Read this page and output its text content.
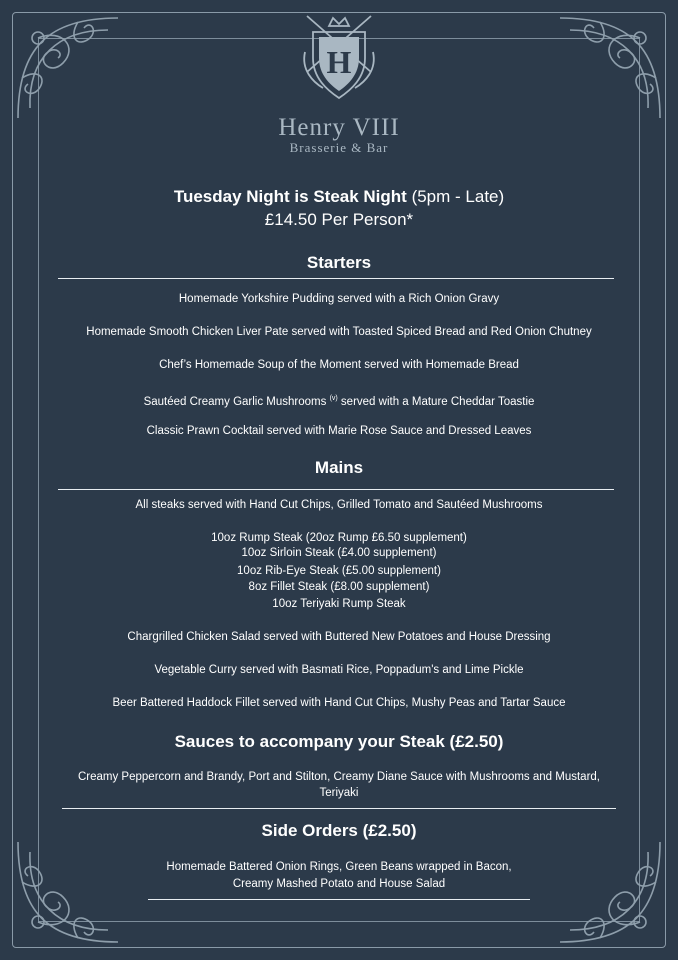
H
Henry VIII
Brasserie & Bar
Tuesday Night is Steak Night (5pm - Late)
£14.50 Per Person*
Starters
Homemade Yorkshire Pudding served with a Rich Onion Gravy
Homemade Smooth Chicken Liver Pate served with Toasted Spiced Bread and Red Onion Chutney
Chef’s Homemade Soup of the Moment served with Homemade Bread
Sautéed Creamy Garlic Mushrooms $^{(v)}$ served with a Mature Cheddar Toastie
Classic Prawn Cocktail served with Marie Rose Sauce and Dressed Leaves
Mains
All steaks served with Hand Cut Chips, Grilled Tomato and Sautéed Mushrooms
10oz Rump Steak (20oz Rump £6.50 supplement)
10oz Sirloin Steak (£4.00 supplement)
10oz Rib-Eye Steak (£5.00 supplement)
8oz Fillet Steak (£8.00 supplement)
10oz Teriyaki Rump Steak
Chargrilled Chicken Salad served with Buttered New Potatoes and House Dressing
Vegetable Curry served with Basmati Rice, Poppadum's and Lime Pickle
Beer Battered Haddock Fillet served with Hand Cut Chips, Mushy Peas and Tartar Sauce
Sauces to accompany your Steak (£2.50)
Creamy Peppercorn and Brandy, Port and Stilton, Creamy Diane Sauce with Mushrooms and Mustard,
Teriyaki
Side Orders (£2.50)
Homemade Battered Onion Rings, Green Beans wrapped in Bacon,
Creamy Mashed Potato and House Salad
